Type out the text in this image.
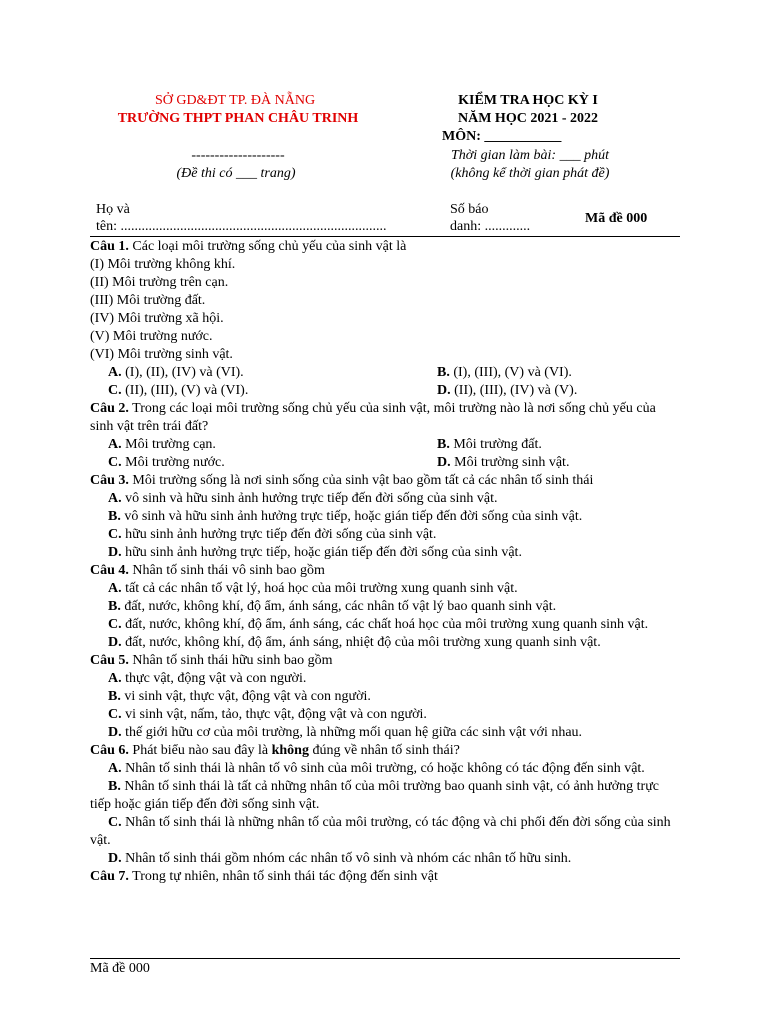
SỞ GD&ĐT TP. ĐÀ NẴNG
TRƯỜNG THPT PHAN CHÂU TRINH
--------------------
(Đề thi có ___ trang)
KIỂM TRA HỌC KỲ I
NĂM HỌC 2021 - 2022
MÔN: ___________
Thời gian làm bài: ___ phút
(không kể thời gian phát đề)
Họ và
tên: ............................................................................
Số báo
danh: .............
Mã đề 000
Câu 1. Các loại môi trường sống chủ yếu của sinh vật là
(I) Môi trường không khí.
(II) Môi trường trên cạn.
(III) Môi trường đất.
(IV) Môi trường xã hội.
(V) Môi trường nước.
(VI) Môi trường sinh vật.
A. (I), (II), (IV) và (VI).	B. (I), (III), (V) và (VI).
C. (II), (III), (V) và (VI).	D. (II), (III), (IV) và (V).
Câu 2. Trong các loại môi trường sống chủ yếu của sinh vật, môi trường nào là nơi sống chủ yếu của sinh vật trên trái đất?
A. Môi trường cạn.	B. Môi trường đất.
C. Môi trường nước.	D. Môi trường sinh vật.
Câu 3. Môi trường sống là nơi sinh sống của sinh vật bao gồm tất cả các nhân tố sinh thái
A. vô sinh và hữu sinh ảnh hưởng trực tiếp đến đời sống của sinh vật.
B. vô sinh và hữu sinh ảnh hưởng trực tiếp, hoặc gián tiếp đến đời sống của sinh vật.
C. hữu sinh ảnh hưởng trực tiếp đến đời sống của sinh vật.
D. hữu sinh ảnh hưởng trực tiếp, hoặc gián tiếp đến đời sống của sinh vật.
Câu 4. Nhân tố sinh thái vô sinh bao gồm
A. tất cả các nhân tố vật lý, hoá học của môi trường xung quanh sinh vật.
B. đất, nước, không khí, độ ẩm, ánh sáng, các nhân tố vật lý bao quanh sinh vật.
C. đất, nước, không khí, độ ẩm, ánh sáng, các chất hoá học của môi trường xung quanh sinh vật.
D. đất, nước, không khí, độ ẩm, ánh sáng, nhiệt độ của môi trường xung quanh sinh vật.
Câu 5. Nhân tố sinh thái hữu sinh bao gồm
A. thực vật, động vật và con người.
B. vi sinh vật, thực vật, động vật và con người.
C. vi sinh vật, nấm, tảo, thực vật, động vật và con người.
D. thế giới hữu cơ của môi trường, là những mối quan hệ giữa các sinh vật với nhau.
Câu 6. Phát biểu nào sau đây là không đúng về nhân tố sinh thái?
A. Nhân tố sinh thái là nhân tố vô sinh của môi trường, có hoặc không có tác động đến sinh vật.
B. Nhân tố sinh thái là tất cả những nhân tố của môi trường bao quanh sinh vật, có ảnh hưởng trực tiếp hoặc gián tiếp đến đời sống sinh vật.
C. Nhân tố sinh thái là những nhân tố của môi trường, có tác động và chi phối đến đời sống của sinh vật.
D. Nhân tố sinh thái gồm nhóm các nhân tố vô sinh và nhóm các nhân tố hữu sinh.
Câu 7. Trong tự nhiên, nhân tố sinh thái tác động đến sinh vật
Mã đề 000
